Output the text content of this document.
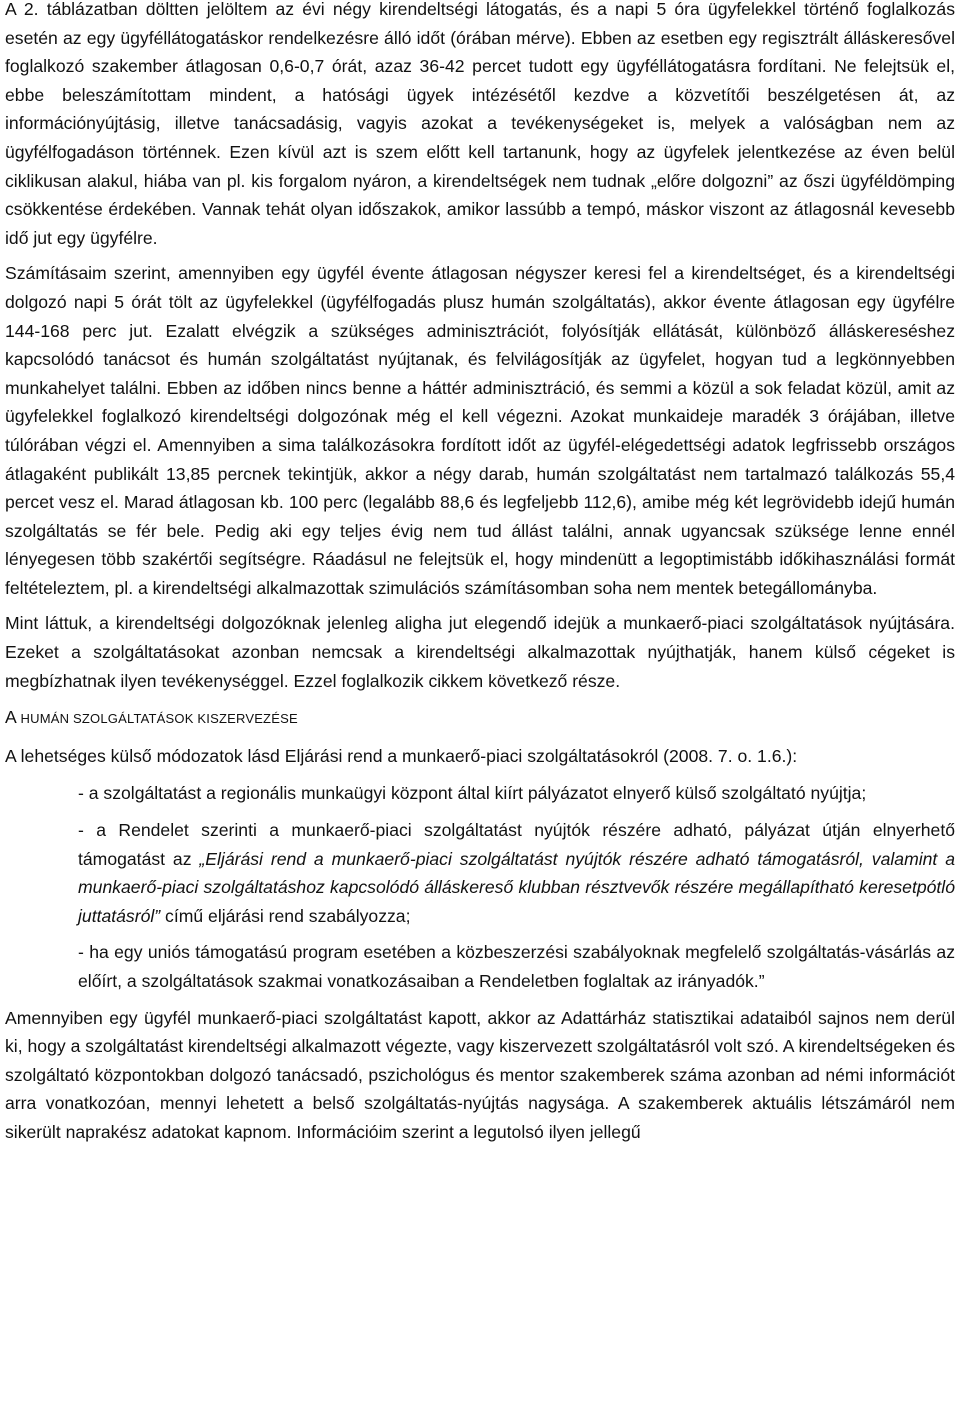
A 2. táblázatban döltten jelöltem az évi négy kirendeltségi látogatás, és a napi 5 óra ügyfelekkel történő foglalkozás esetén az egy ügyféllátogatáskor rendelkezésre álló időt (órában mérve). Ebben az esetben egy regisztrált álláskeresővel foglalkozó szakember átlagosan 0,6-0,7 órát, azaz 36-42 percet tudott egy ügyféllátogatásra fordítani. Ne felejtsük el, ebbe beleszámítottam mindent, a hatósági ügyek intézésétől kezdve a közvetítői beszélgetésen át, az információnyújtásig, illetve tanácsadásig, vagyis azokat a tevékenységeket is, melyek a valóságban nem az ügyfélfogadáson történnek. Ezen kívül azt is szem előtt kell tartanunk, hogy az ügyfelek jelentkezése az éven belül ciklikusan alakul, hiába van pl. kis forgalom nyáron, a kirendeltségek nem tudnak „előre dolgozni” az őszi ügyféldömping csökkentése érdekében. Vannak tehát olyan időszakok, amikor lassúbb a tempó, máskor viszont az átlagosnál kevesebb idő jut egy ügyfélre.

Számításaim szerint, amennyiben egy ügyfél évente átlagosan négyszer keresi fel a kirendeltséget, és a kirendeltségi dolgozó napi 5 órát tölt az ügyfelekkel (ügyfélfogadás plusz humán szolgáltatás), akkor évente átlagosan egy ügyfélre 144-168 perc jut. Ezalatt elvégzik a szükséges adminisztrációt, folyósítják ellátását, különböző álláskereséshez kapcsolódó tanácsot és humán szolgáltatást nyújtanak, és felvilágosítják az ügyfelet, hogyan tud a legkönnyebben munkahelyet találni. Ebben az időben nincs benne a háttér adminisztráció, és semmi a közül a sok feladat közül, amit az ügyfelekkel foglalkozó kirendeltségi dolgozónak még el kell végezni. Azokat munkaideje maradék 3 órájában, illetve túlórában végzi el. Amennyiben a sima találkozásokra fordított időt az ügyfél-elégedettségi adatok legfrissebb országos átlagaként publikált 13,85 percnek tekintjük, akkor a négy darab, humán szolgáltatást nem tartalmazó találkozás 55,4 percet vesz el. Marad átlagosan kb. 100 perc (legalább 88,6 és legfeljebb 112,6), amibe még két legrövidebb idejű humán szolgáltatás se fér bele. Pedig aki egy teljes évig nem tud állást találni, annak ugyancsak szüksége lenne ennél lényegesen több szakértői segítségre. Ráadásul ne felejtsük el, hogy mindenütt a legoptimistább időkihasználási formát feltételeztem, pl. a kirendeltségi alkalmazottak szimulációs számításomban soha nem mentek betegállományba.

Mint láttuk, a kirendeltségi dolgozóknak jelenleg aligha jut elegendő idejük a munkaerő-piaci szolgáltatások nyújtására. Ezeket a szolgáltatásokat azonban nemcsak a kirendeltségi alkalmazottak nyújthatják, hanem külső cégeket is megbízhatnak ilyen tevékenységgel. Ezzel foglalkozik cikkem következő része.

A HUMÁN SZOLGÁLTATÁSOK KISZERVEZÉSE

A lehetséges külső módozatok lásd Eljárási rend a munkaerő-piaci szolgáltatásokról (2008. 7. o. 1.6.):

- a szolgáltatást a regionális munkaügyi központ által kiírt pályázatot elnyerő külső szolgáltató nyújtja;
- a Rendelet szerinti a munkaerő-piaci szolgáltatást nyújtók részére adható, pályázat útján elnyerhető támogatást az „Eljárási rend a munkaerő-piaci szolgáltatást nyújtók részére adható támogatásról, valamint a munkaerő-piaci szolgáltatáshoz kapcsolódó álláskereső klubban résztvevők részére megállapítható keresetpótló juttatásról” című eljárási rend szabályozza;
- ha egy uniós támogatású program esetében a közbeszerzési szabályoknak megfelelő szolgáltatás-vásárlás az előírt, a szolgáltatások szakmai vonatkozásaiban a Rendeletben foglaltak az irányadók.”

Amennyiben egy ügyfél munkaerő-piaci szolgáltatást kapott, akkor az Adattárház statisztikai adataiból sajnos nem derül ki, hogy a szolgáltatást kirendeltségi alkalmazott végezte, vagy kiszervezett szolgáltatásról volt szó. A kirendeltségeken és szolgáltató központokban dolgozó tanácsadó, pszichológus és mentor szakemberek száma azonban ad némi információt arra vonatkozóan, mennyi lehetett a belső szolgáltatás-nyújtás nagysága. A szakemberek aktuális létszámáról nem sikerült naprakész adatokat kapnom. Információim szerint a legutolsó ilyen jellegű
